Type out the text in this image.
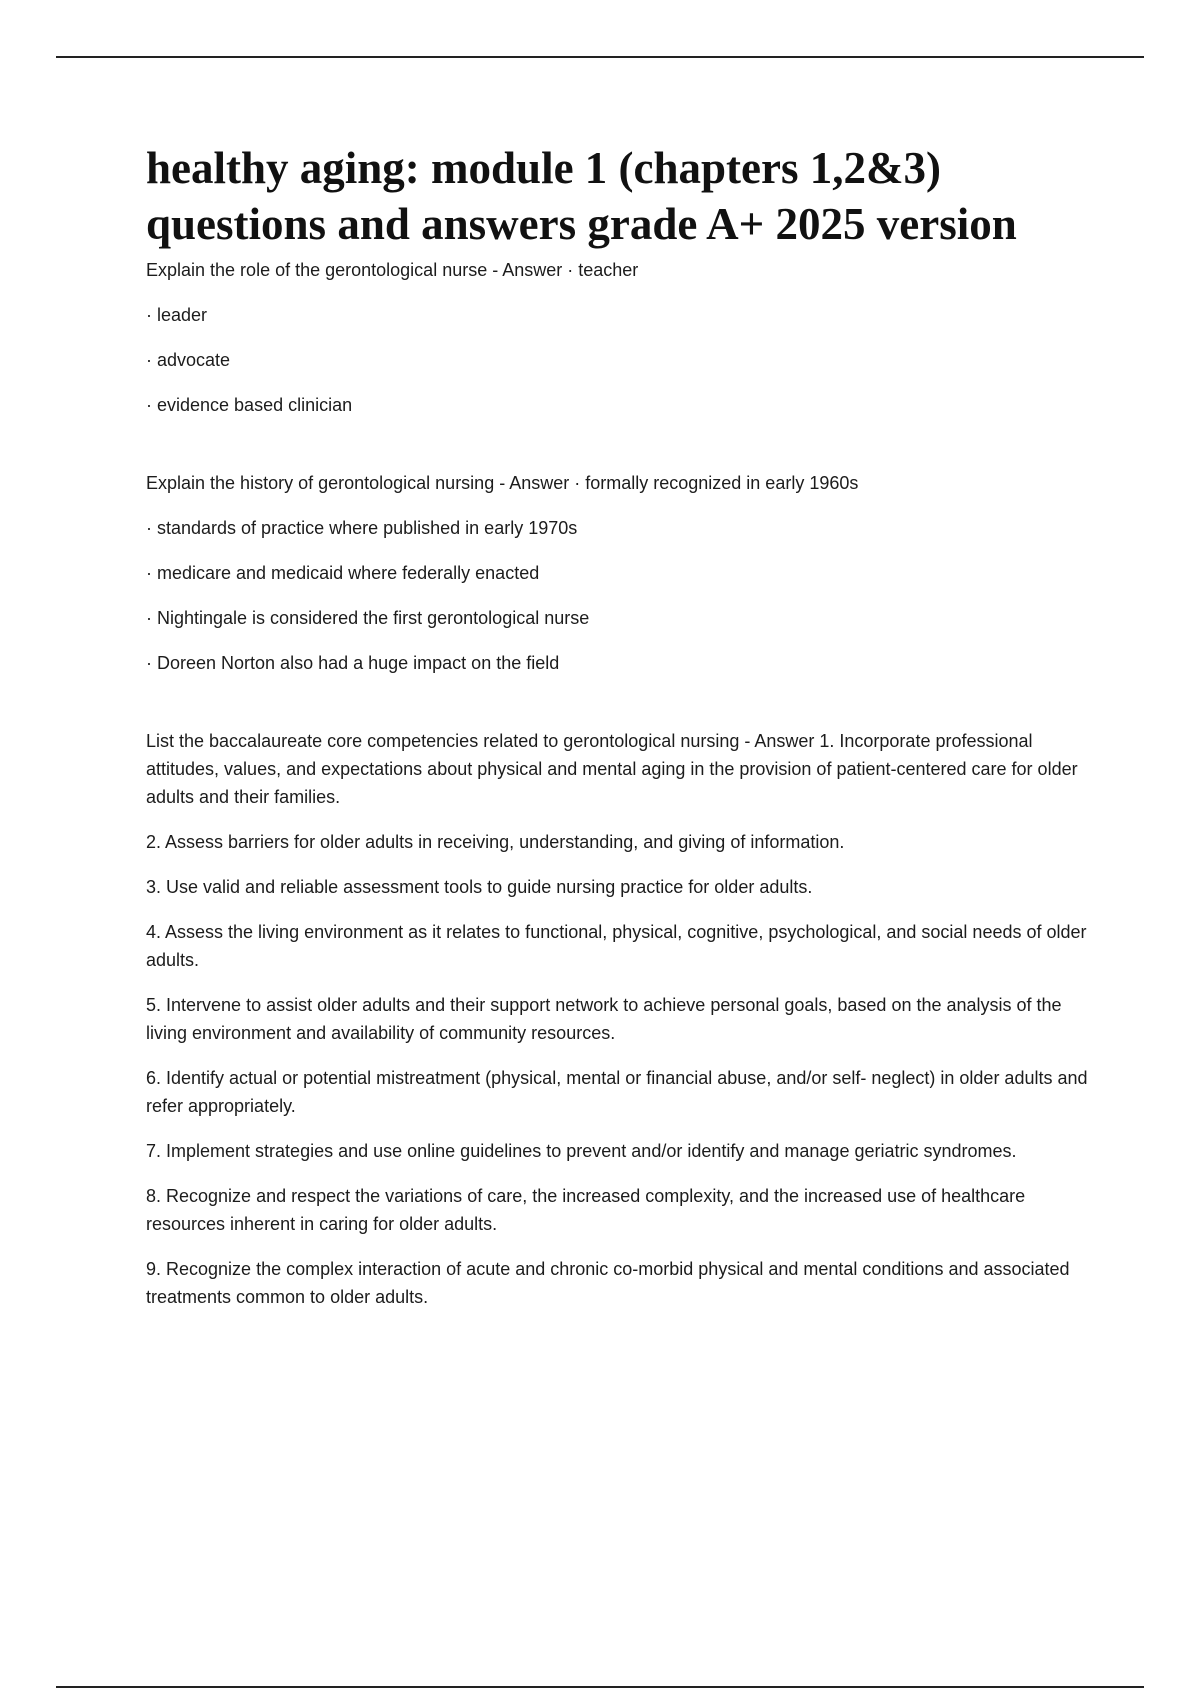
healthy aging: module 1 (chapters 1,2&3)
questions and answers grade A+ 2025 version

Explain the role of the gerontological nurse - Answer · teacher

· leader

· advocate

· evidence based clinician

Explain the history of gerontological nursing - Answer · formally recognized in early 1960s

· standards of practice where published in early 1970s

· medicare and medicaid where federally enacted

· Nightingale is considered the first gerontological nurse

· Doreen Norton also had a huge impact on the field

List the baccalaureate core competencies related to gerontological nursing - Answer 1. Incorporate professional attitudes, values, and expectations about physical and mental aging in the provision of patient-centered care for older adults and their families.

2. Assess barriers for older adults in receiving, understanding, and giving of information.

3. Use valid and reliable assessment tools to guide nursing practice for older adults.

4. Assess the living environment as it relates to functional, physical, cognitive, psychological, and social needs of older adults.

5. Intervene to assist older adults and their support network to achieve personal goals, based on the analysis of the living environment and availability of community resources.

6. Identify actual or potential mistreatment (physical, mental or financial abuse, and/or self- neglect) in older adults and refer appropriately.

7. Implement strategies and use online guidelines to prevent and/or identify and manage geriatric syndromes.

8. Recognize and respect the variations of care, the increased complexity, and the increased use of healthcare resources inherent in caring for older adults.

9. Recognize the complex interaction of acute and chronic co-morbid physical and mental conditions and associated treatments common to older adults.
